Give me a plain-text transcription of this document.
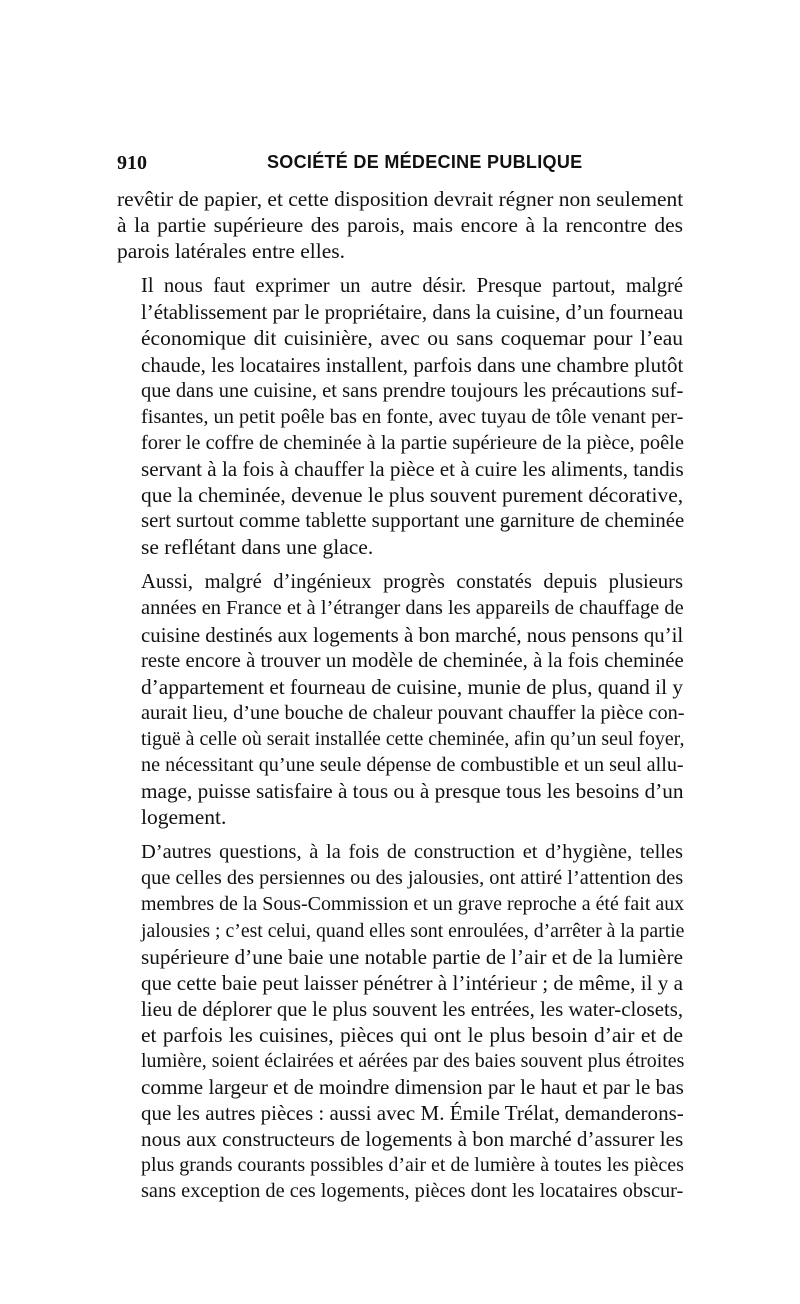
910	SOCIÉTÉ DE MÉDECINE PUBLIQUE

revêtir de papier, et cette disposition devrait régner non seulement
à la partie supérieure des parois, mais encore à la rencontre des
parois latérales entre elles.

Il nous faut exprimer un autre désir. Presque partout, malgré
l’établissement par le propriétaire, dans la cuisine, d’un fourneau
économique dit cuisinière, avec ou sans coquemar pour l’eau
chaude, les locataires installent, parfois dans une chambre plutôt
que dans une cuisine, et sans prendre toujours les précautions suf-
fisantes, un petit poêle bas en fonte, avec tuyau de tôle venant per-
forer le coffre de cheminée à la partie supérieure de la pièce, poêle
servant à la fois à chauffer la pièce et à cuire les aliments, tandis
que la cheminée, devenue le plus souvent purement décorative,
sert surtout comme tablette supportant une garniture de cheminée
se reflétant dans une glace.

Aussi, malgré d’ingénieux progrès constatés depuis plusieurs
années en France et à l’étranger dans les appareils de chauffage de
cuisine destinés aux logements à bon marché, nous pensons qu’il
reste encore à trouver un modèle de cheminée, à la fois cheminée
d’appartement et fourneau de cuisine, munie de plus, quand il y
aurait lieu, d’une bouche de chaleur pouvant chauffer la pièce con-
tiguë à celle où serait installée cette cheminée, afin qu’un seul foyer,
ne nécessitant qu’une seule dépense de combustible et un seul allu-
mage, puisse satisfaire à tous ou à presque tous les besoins d’un
logement.

D’autres questions, à la fois de construction et d’hygiène, telles
que celles des persiennes ou des jalousies, ont attiré l’attention des
membres de la Sous-Commission et un grave reproche a été fait aux
jalousies ; c’est celui, quand elles sont enroulées, d’arrêter à la partie
supérieure d’une baie une notable partie de l’air et de la lumière
que cette baie peut laisser pénétrer à l’intérieur ; de même, il y a
lieu de déplorer que le plus souvent les entrées, les water-closets,
et parfois les cuisines, pièces qui ont le plus besoin d’air et de
lumière, soient éclairées et aérées par des baies souvent plus étroites
comme largeur et de moindre dimension par le haut et par le bas
que les autres pièces : aussi avec M. Émile Trélat, demanderons-
nous aux constructeurs de logements à bon marché d’assurer les
plus grands courants possibles d’air et de lumière à toutes les pièces
sans exception de ces logements, pièces dont les locataires obscur-
